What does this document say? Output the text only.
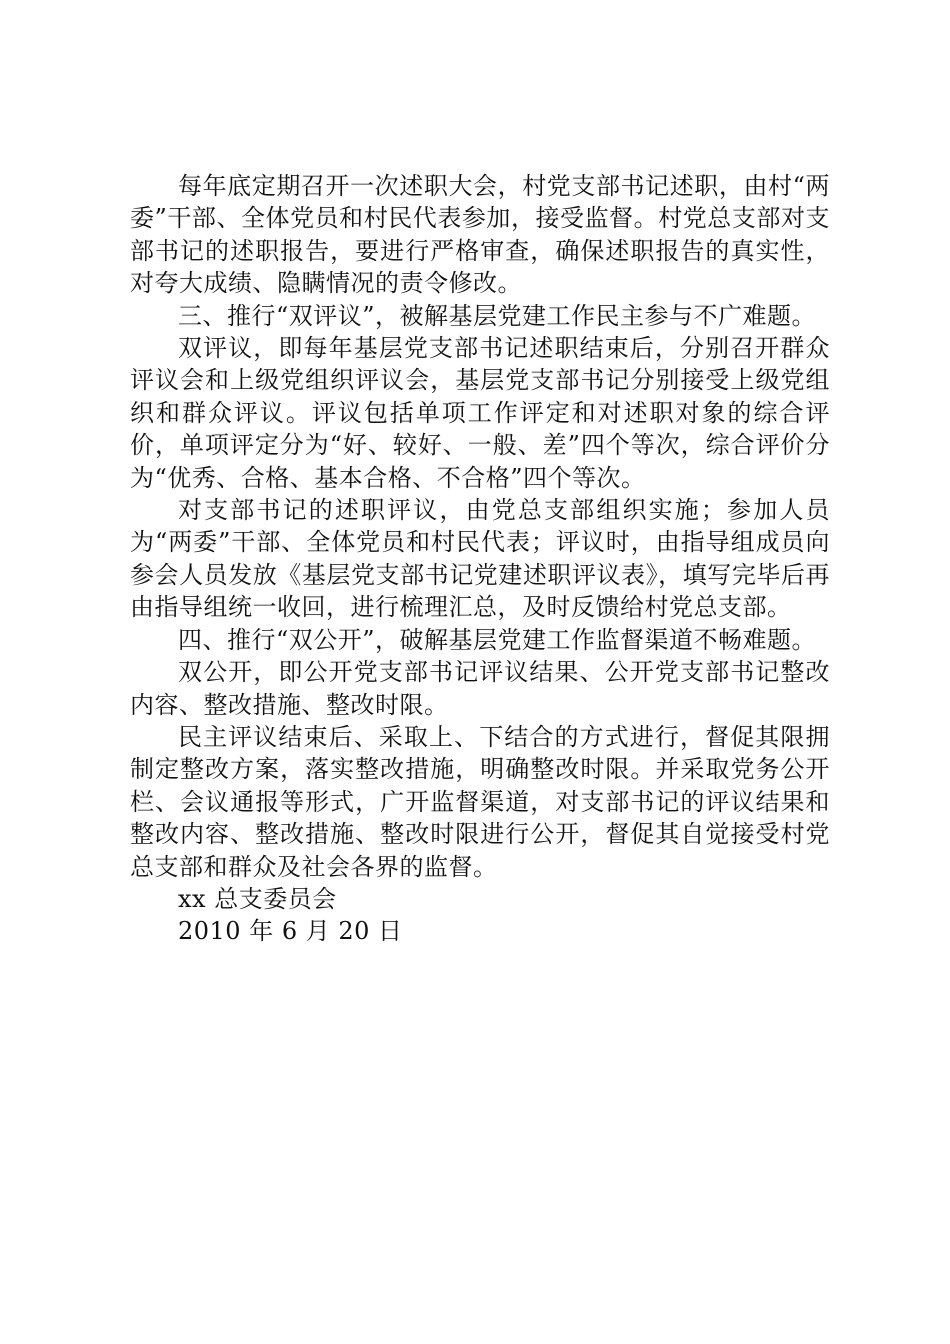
每年底定期召开一次述职大会，村党支部书记述职，由村“两委”干部、全体党员和村民代表参加，接受监督。村党总支部对支部书记的述职报告，要进行严格审查，确保述职报告的真实性，对夸大成绩、隐瞒情况的责令修改。

三、推行“双评议”，被解基层党建工作民主参与不广难题。

双评议，即每年基层党支部书记述职结束后，分别召开群众评议会和上级党组织评议会，基层党支部书记分别接受上级党组织和群众评议。评议包括单项工作评定和对述职对象的综合评价，单项评定分为“好、较好、一般、差”四个等次，综合评价分为“优秀、合格、基本合格、不合格”四个等次。

对支部书记的述职评议，由党总支部组织实施；参加人员为“两委”干部、全体党员和村民代表；评议时，由指导组成员向参会人员发放《基层党支部书记党建述职评议表》，填写完毕后再由指导组统一收回，进行梳理汇总，及时反馈给村党总支部。

四、推行“双公开”，破解基层党建工作监督渠道不畅难题。

双公开，即公开党支部书记评议结果、公开党支部书记整改内容、整改措施、整改时限。

民主评议结束后、采取上、下结合的方式进行，督促其限拥制定整改方案，落实整改措施，明确整改时限。并采取党务公开栏、会议通报等形式，广开监督渠道，对支部书记的评议结果和整改内容、整改措施、整改时限进行公开，督促其自觉接受村党总支部和群众及社会各界的监督。

xx 总支委员会

2010 年 6 月 20 日
